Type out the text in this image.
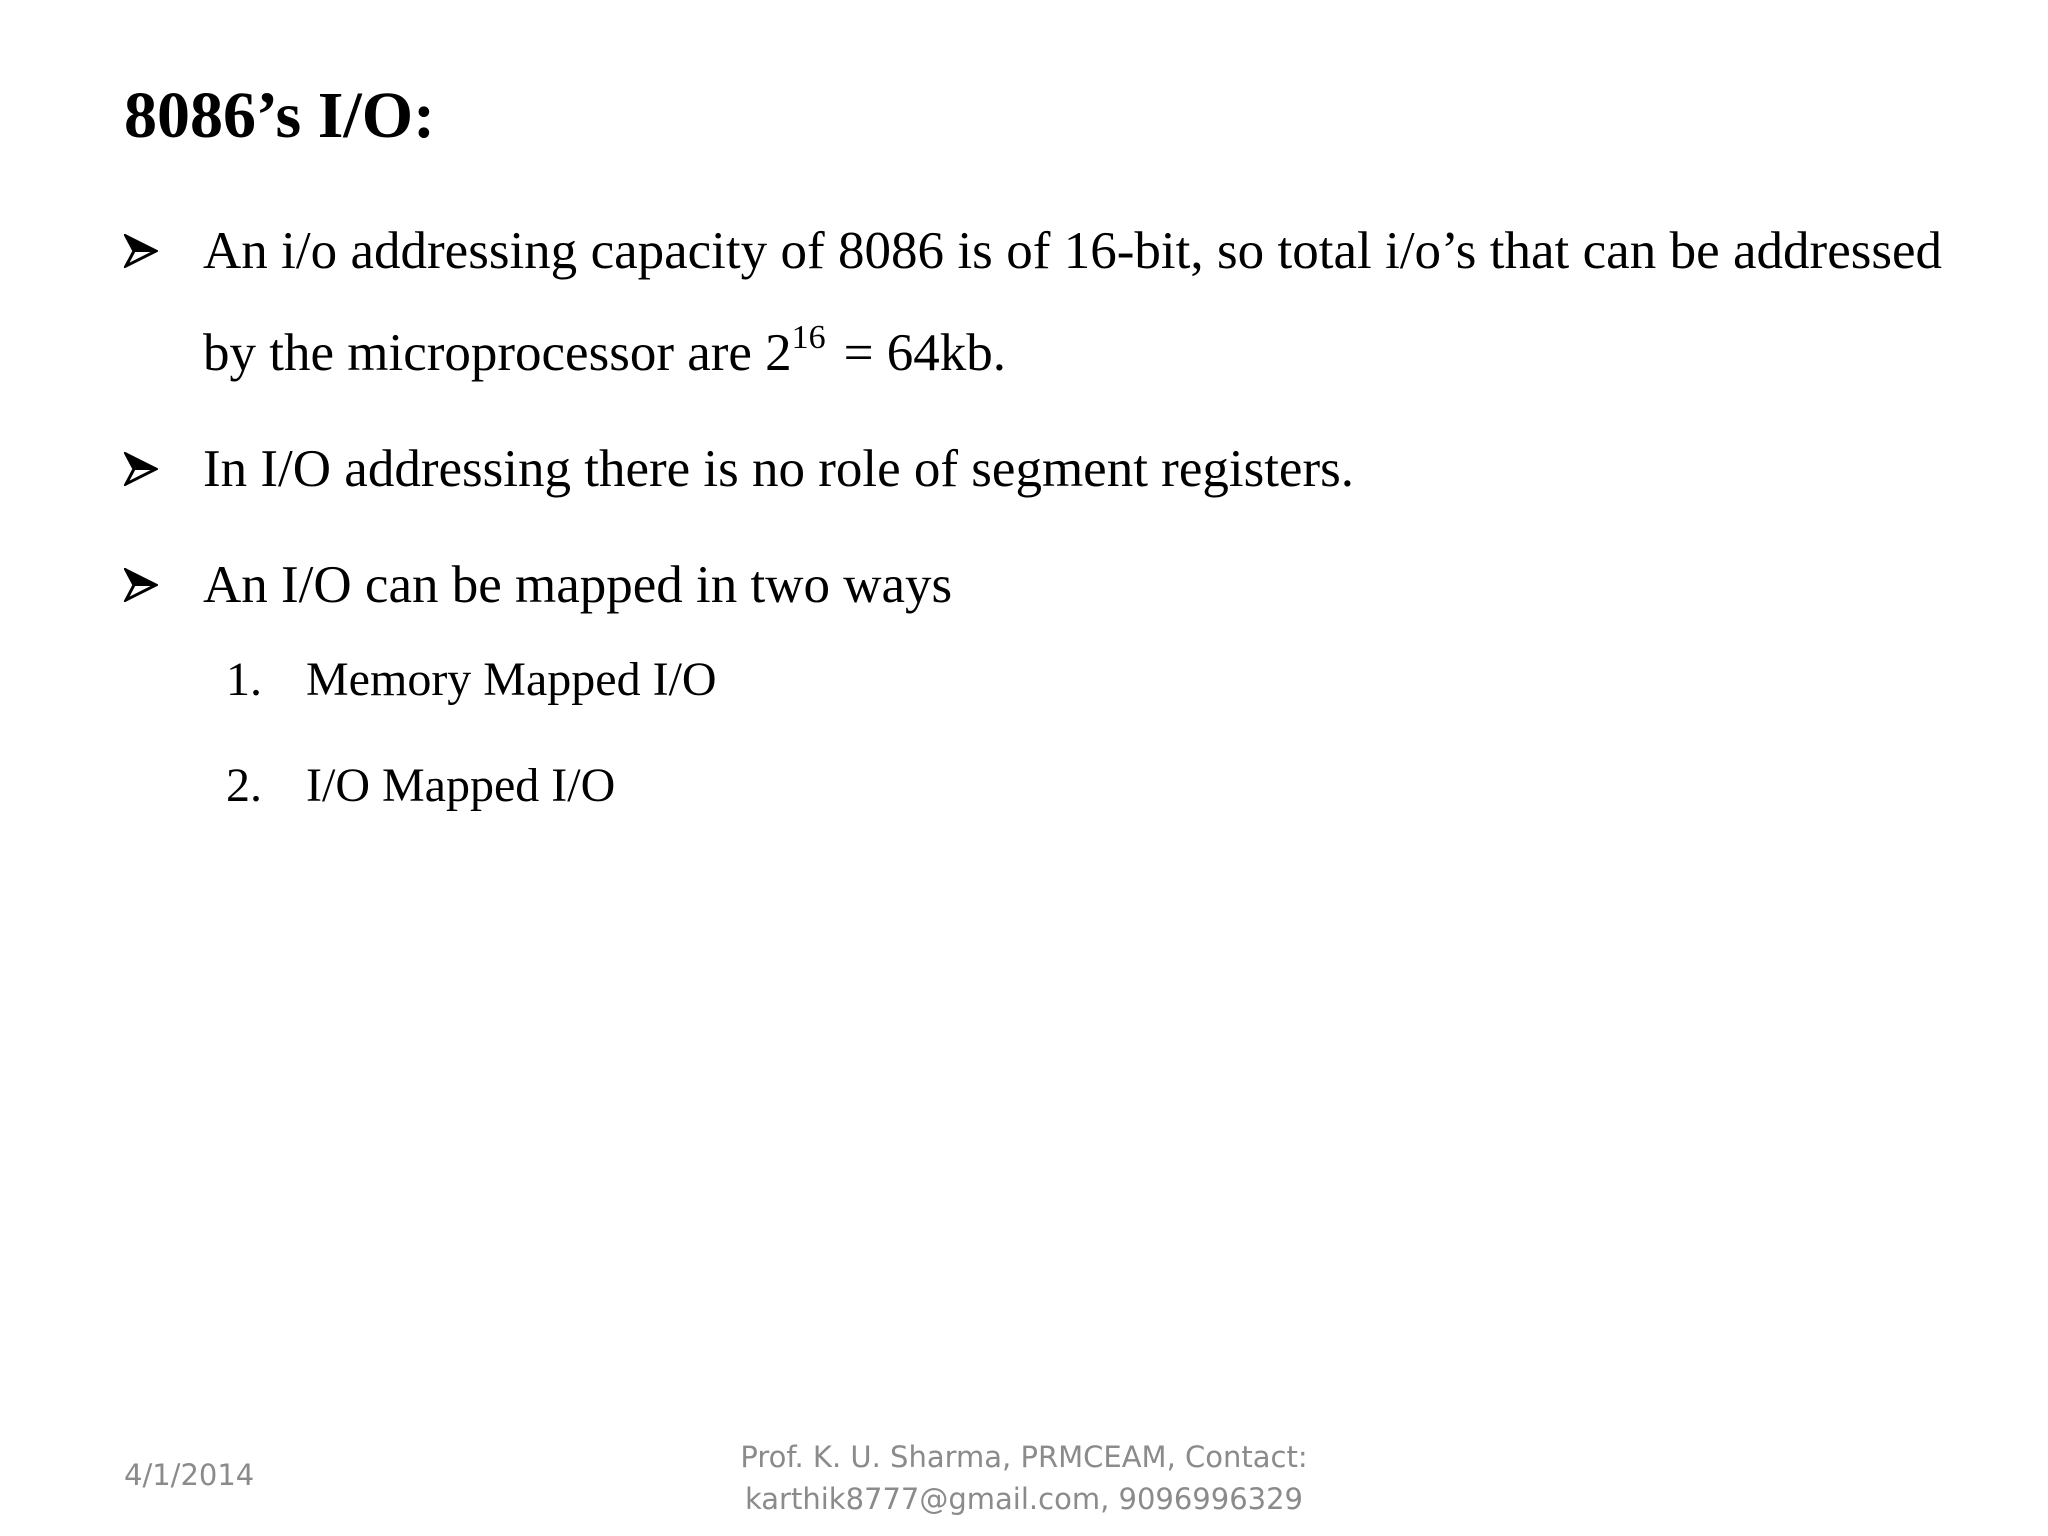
8086’s I/O:
An i/o addressing capacity of 8086 is of 16-bit, so total i/o’s that can be addressed by the microprocessor are $2^{16} = 64kb$.
In I/O addressing there is no role of segment registers.
An I/O can be mapped in two ways
1. Memory Mapped I/O
2. I/O Mapped I/O
4/1/2014
Prof. K. U. Sharma, PRMCEAM, Contact:
karthik8777@gmail.com, 9096996329
